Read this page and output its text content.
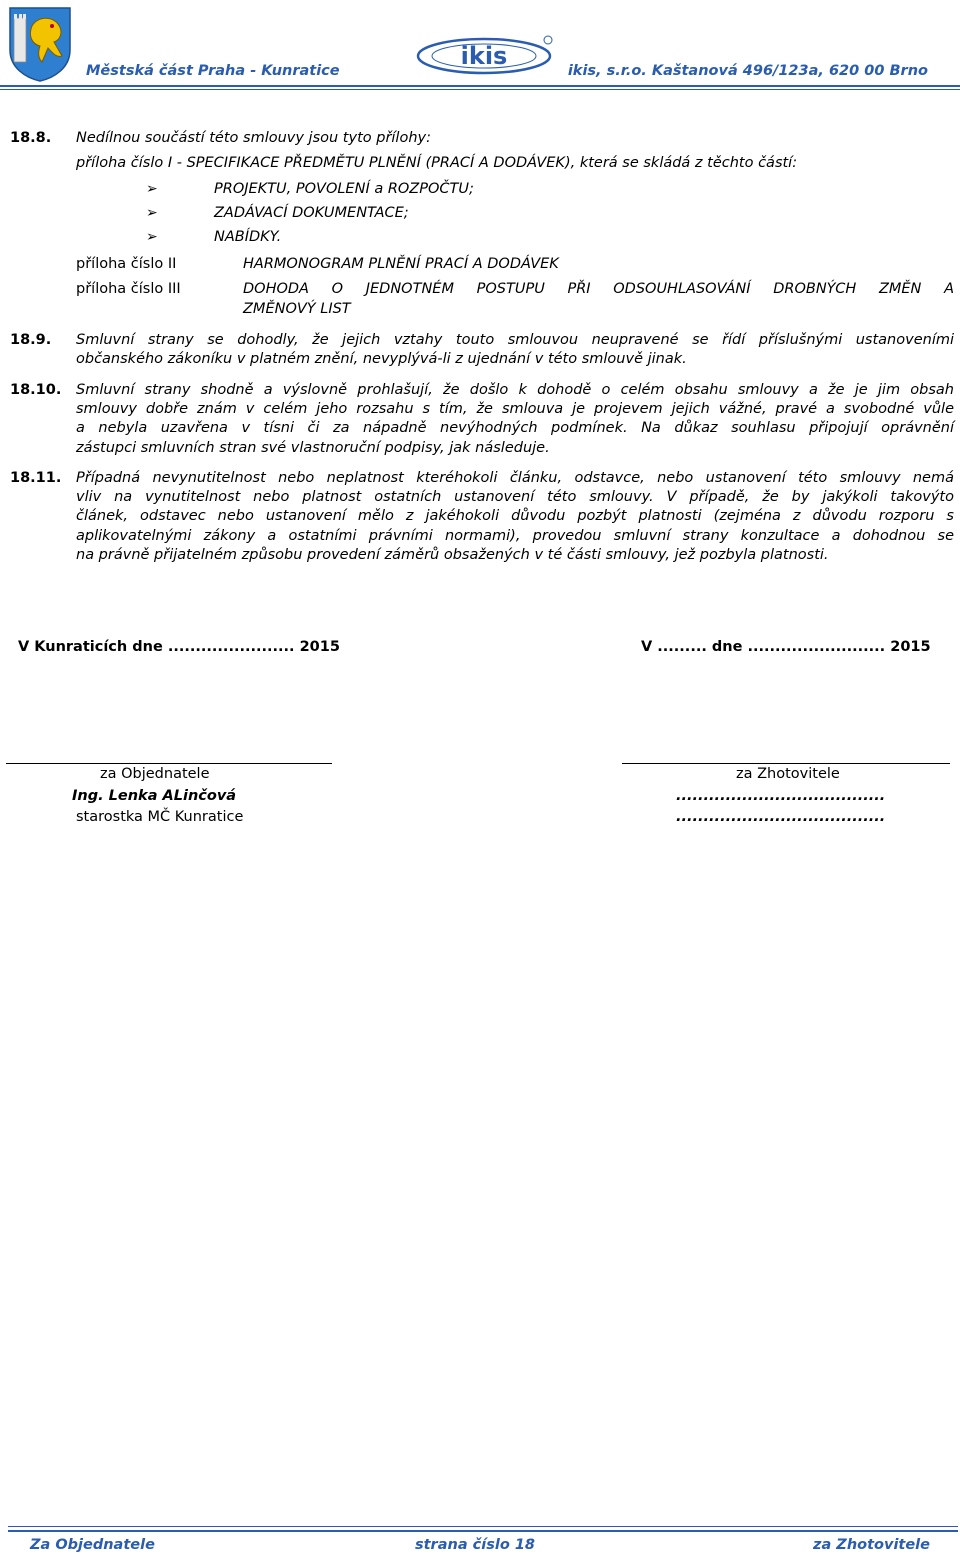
Městská část Praha - Kunratice
ikis
ikis, s.r.o. Kaštanová 496/123a, 620 00 Brno
18.8. Nedílnou součástí této smlouvy jsou tyto přílohy:
příloha číslo I - SPECIFIKACE PŘEDMĚTU PLNĚNÍ (PRACÍ A DODÁVEK), která se skládá z těchto částí:
➢	PROJEKTU, POVOLENÍ a ROZPOČTU;
➢	ZADÁVACÍ DOKUMENTACE;
➢	NABÍDKY.
příloha číslo II	HARMONOGRAM PLNĚNÍ PRACÍ A DODÁVEK
příloha číslo III	DOHODA O JEDNOTNÉM POSTUPU PŘI ODSOUHLASOVÁNÍ DROBNÝCH ZMĚN A
ZMĚNOVÝ LIST
18.9. Smluvní strany se dohodly, že jejich vztahy touto smlouvou neupravené se řídí příslušnými ustanoveními
občanského zákoníku v platném znění, nevyplývá-li z ujednání v této smlouvě jinak.
18.10. Smluvní strany shodně a výslovně prohlašují, že došlo k dohodě o celém obsahu smlouvy a že je jim obsah
smlouvy dobře znám v celém jeho rozsahu s tím, že smlouva je projevem jejich vážné, pravé a svobodné vůle
a nebyla uzavřena v tísni či za nápadně nevýhodných podmínek. Na důkaz souhlasu připojují oprávnění
zástupci smluvních stran své vlastnoruční podpisy, jak následuje.
18.11. Případná nevynutitelnost nebo neplatnost kteréhokoli článku, odstavce, nebo ustanovení této smlouvy nemá
vliv na vynutitelnost nebo platnost ostatních ustanovení této smlouvy. V případě, že by jakýkoli takovýto
článek, odstavec nebo ustanovení mělo z jakéhokoli důvodu pozbýt platnosti (zejména z důvodu rozporu s
aplikovatelnými zákony a ostatními právními normami), provedou smluvní strany konzultace a dohodnou se
na právně přijatelném způsobu provedení záměrů obsažených v té části smlouvy, jež pozbyla platnosti.
V Kunraticích dne ....................... 2015	V ......... dne ......................... 2015
za Objednatele
Ing. Lenka ALinčová
starostka MČ Kunratice
za Zhotovitele
......................................
......................................
Za Objednatele	strana číslo 18	za Zhotovitele
